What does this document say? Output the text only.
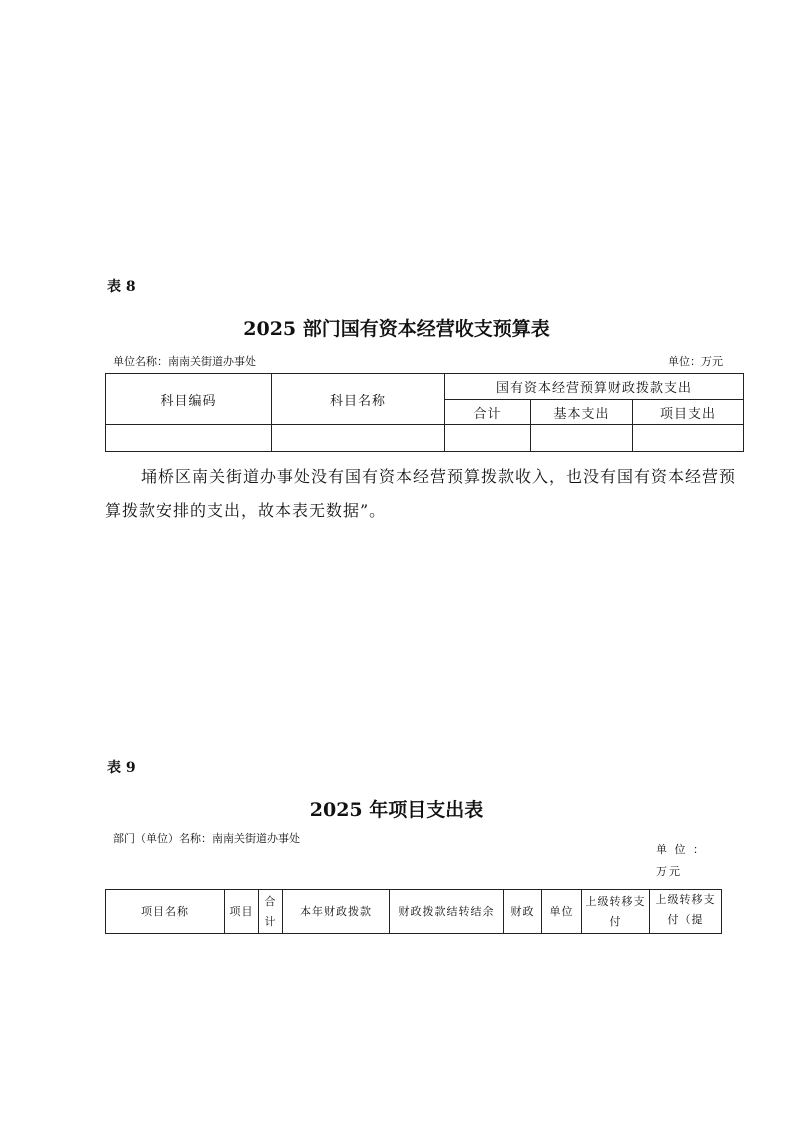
表 8
2025 部门国有资本经营收支预算表
单位名称：南南关街道办事处	单位：万元
科目编码	科目名称	国有资本经营预算财政拨款支出		
		合计	基本支出	项目支出

埇桥区南关街道办事处没有国有资本经营预算拨款收入，也没有国有资本经营预算拨款安排的支出，故本表无数据”。
表 9
2025 年项目支出表
部门（单位）名称：南南关街道办事处
单 位 ：万元
项目名称	项目	合计	本年财政拨款	财政拨款结转结余	财政	单位	上级转移支付	上级转移支付（提
